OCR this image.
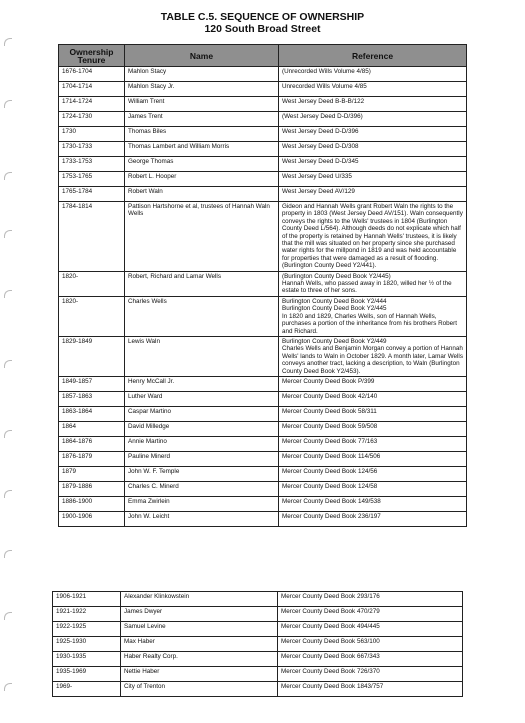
TABLE C.5. SEQUENCE OF OWNERSHIP
120 South Broad Street
Ownership Tenure	Name	Reference
1676-1704	Mahlon Stacy	(Unrecorded Wills Volume 4/85)

1704-1714	Mahlon Stacy Jr.	Unrecorded Wills Volume 4/85

1714-1724	William Trent	West Jersey Deed B-B-B/122

1724-1730	James Trent	(West Jersey Deed D-D/396)

1730	Thomas Biles	West Jersey Deed D-D/396

1730-1733	Thomas Lambert and William Morris	West Jersey Deed D-D/308

1733-1753	George Thomas	West Jersey Deed D-D/345

1753-1765	Robert L. Hooper	West Jersey Deed U/335

1765-1784	Robert Waln	West Jersey Deed AV/129

1784-1814	Pattison Hartshorne et al, trustees of Hannah Waln Wells	Gideon and Hannah Wells grant Robert Waln the rights to the property in 1803 (West Jersey Deed AV/151). Waln consequently conveys the rights to the Wells' trustees in 1804 (Burlington County Deed L/564). Although deeds do not explicate which half of the property is retained by Hannah Wells' trustees, it is likely that the mill was situated on her property since she purchased water rights for the millpond in 1819 and was held accountable for properties that were damaged as a result of flooding. (Burlington County Deed Y2/441).

1820-	Robert, Richard and Lamar Wells	(Burlington County Deed Book Y2/445)
Hannah Wells, who passed away in 1820, willed her ½ of the estate to three of her sons.

1820-	Charles Wells	Burlington County Deed Book Y2/444
Burlington County Deed Book Y2/445
In 1820 and 1829, Charles Wells, son of Hannah Wells, purchases a portion of the inheritance from his brothers Robert and Richard.

1829-1849	Lewis Waln	Burlington County Deed Book Y2/449
Charles Wells and Benjamin Morgan convey a portion of Hannah Wells' lands to Waln in October 1829. A month later, Lamar Wells conveys another tract, lacking a description, to Waln (Burlington County Deed Book Y2/453).

1849-1857	Henry McCall Jr.	Mercer County Deed Book P/399

1857-1863	Luther Ward	Mercer County Deed Book 42/140

1863-1864	Caspar Martino	Mercer County Deed Book 58/311

1864	David Milledge	Mercer County Deed Book 59/508

1864-1876	Annie Martino	Mercer County Deed Book 77/163

1876-1879	Pauline Minerd	Mercer County Deed Book 114/506

1879	John W. F. Temple	Mercer County Deed Book 124/56

1879-1886	Charles C. Minerd	Mercer County Deed Book 124/58

1886-1900	Emma Zwirlein	Mercer County Deed Book 149/538

1900-1906	John W. Leicht	Mercer County Deed Book 236/197
1906-1921	Alexander Klinkowstein	Mercer County Deed Book 293/176

1921-1922	James Dwyer	Mercer County Deed Book 470/279

1922-1925	Samuel Levine	Mercer County Deed Book 494/445

1925-1930	Max Haber	Mercer County Deed Book 563/100

1930-1935	Haber Realty Corp.	Mercer County Deed Book 667/343

1935-1969	Nettie Haber	Mercer County Deed Book 726/370

1969-	City of Trenton	Mercer County Deed Book 1843/757
